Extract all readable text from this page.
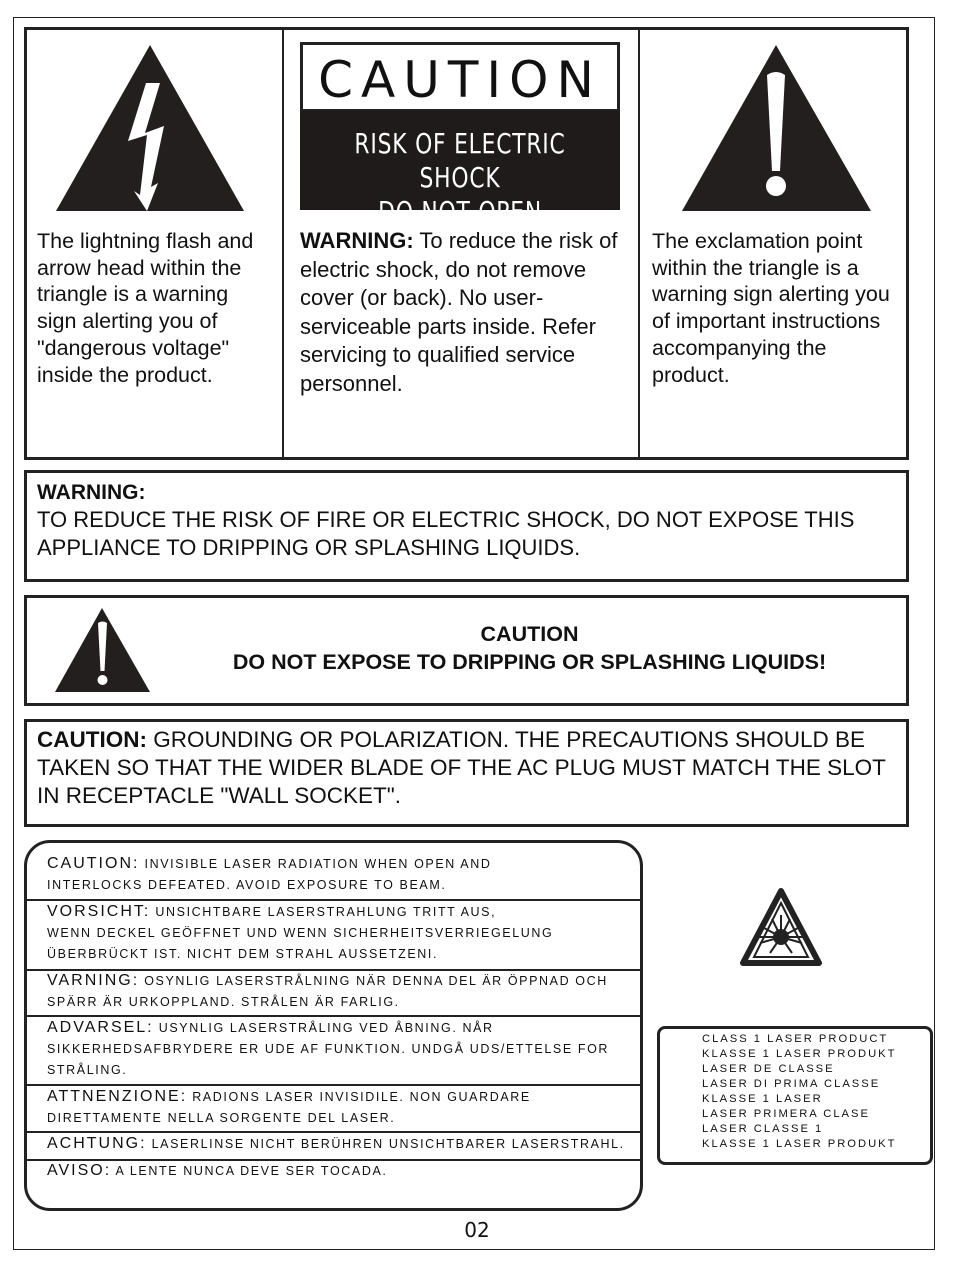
The lightning flash and arrow head within the triangle is a warning sign alerting you of "dangerous voltage" inside the product.
CAUTION
RISK OF ELECTRIC SHOCK
DO NOT OPEN
WARNING: To reduce the risk of electric shock, do not remove cover (or back). No user-serviceable parts inside. Refer servicing to qualified service personnel.
The exclamation point within the triangle is a warning sign alerting you of important instructions accompanying the product.
WARNING:
TO REDUCE THE RISK OF FIRE OR ELECTRIC SHOCK, DO NOT EXPOSE THIS APPLIANCE TO DRIPPING OR SPLASHING LIQUIDS.
CAUTION
DO NOT EXPOSE TO DRIPPING OR SPLASHING LIQUIDS!
CAUTION: GROUNDING OR POLARIZATION. THE PRECAUTIONS SHOULD BE TAKEN SO THAT THE WIDER BLADE OF THE AC PLUG MUST MATCH THE SLOT IN RECEPTACLE "WALL SOCKET".
CAUTION: INVISIBLE LASER RADIATION WHEN OPEN AND
INTERLOCKS DEFEATED. AVOID EXPOSURE TO BEAM.
VORSICHT: UNSICHTBARE LASERSTRAHLUNG TRITT AUS,
WENN DECKEL GEÖFFNET UND WENN SICHERHEITSVERRIEGELUNG
ÜBERBRÜCKT IST. NICHT DEM STRAHL AUSSETZENI.
VARNING: OSYNLIG LASERSTRÅLNING NÄR DENNA DEL ÄR ÖPPNAD OCH
SPÄRR ÄR URKOPPLAND. STRÅLEN ÄR FARLIG.
ADVARSEL: USYNLIG LASERSTRÅLING VED ÅBNING. NÅR
SIKKERHEDSAFBRYDERE ER UDE AF FUNKTION. UNDGÅ UDS/ETTELSE FOR
STRÅLING.
ATTNENZIONE: RADIONS LASER INVISIDILE. NON GUARDARE
DIRETTAMENTE NELLA SORGENTE DEL LASER.
ACHTUNG: LASERLINSE NICHT BERÜHREN UNSICHTBARER LASERSTRAHL.
AVISO: A LENTE NUNCA DEVE SER TOCADA.
CLASS 1 LASER PRODUCT
KLASSE 1 LASER PRODUKT
LASER DE CLASSE
LASER DI PRIMA CLASSE
KLASSE 1 LASER
LASER PRIMERA CLASE
LASER CLASSE 1
KLASSE 1 LASER PRODUKT
02
